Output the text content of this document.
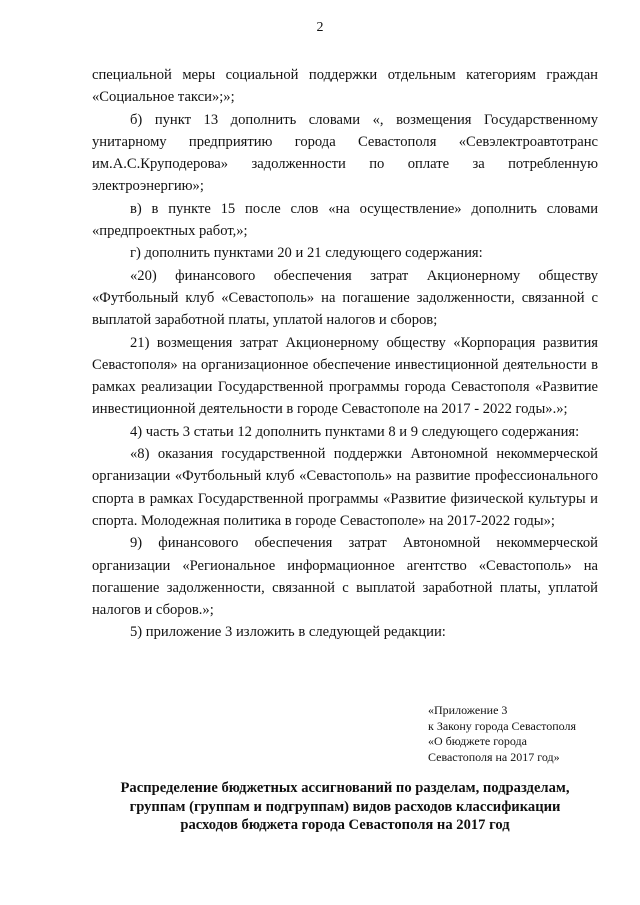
2

специальной меры социальной поддержки отдельным категориям граждан «Социальное такси»;»;

б) пункт 13 дополнить словами «, возмещения Государственному унитарному предприятию города Севастополя «Севэлектроавтотранс им.А.С.Круподерова» задолженности по оплате за потребленную электроэнергию»;

в) в пункте 15 после слов «на осуществление» дополнить словами «предпроектных работ,»;

г) дополнить пунктами 20 и 21 следующего содержания:

«20) финансового обеспечения затрат Акционерному обществу «Футбольный клуб «Севастополь» на погашение задолженности, связанной с выплатой заработной платы, уплатой налогов и сборов;

21) возмещения затрат Акционерному обществу «Корпорация развития Севастополя» на организационное обеспечение инвестиционной деятельности в рамках реализации Государственной программы города Севастополя «Развитие инвестиционной деятельности в городе Севастополе на 2017 - 2022 годы».»;

4) часть 3 статьи 12 дополнить пунктами 8 и 9 следующего содержания:

«8) оказания государственной поддержки Автономной некоммерческой организации «Футбольный клуб «Севастополь» на развитие профессионального спорта в рамках Государственной программы «Развитие физической культуры и спорта. Молодежная политика в городе Севастополе» на 2017-2022 годы»;

9) финансового обеспечения затрат Автономной некоммерческой организации «Региональное информационное агентство «Севастополь» на погашение задолженности, связанной с выплатой заработной платы, уплатой налогов и сборов.»;

5) приложение 3 изложить в следующей редакции:

«Приложение 3
к Закону города Севастополя
«О бюджете города
Севастополя на 2017 год»
Распределение бюджетных ассигнований по разделам, подразделам,
группам (группам и подгруппам) видов расходов классификации
расходов бюджета города Севастополя на 2017 год
